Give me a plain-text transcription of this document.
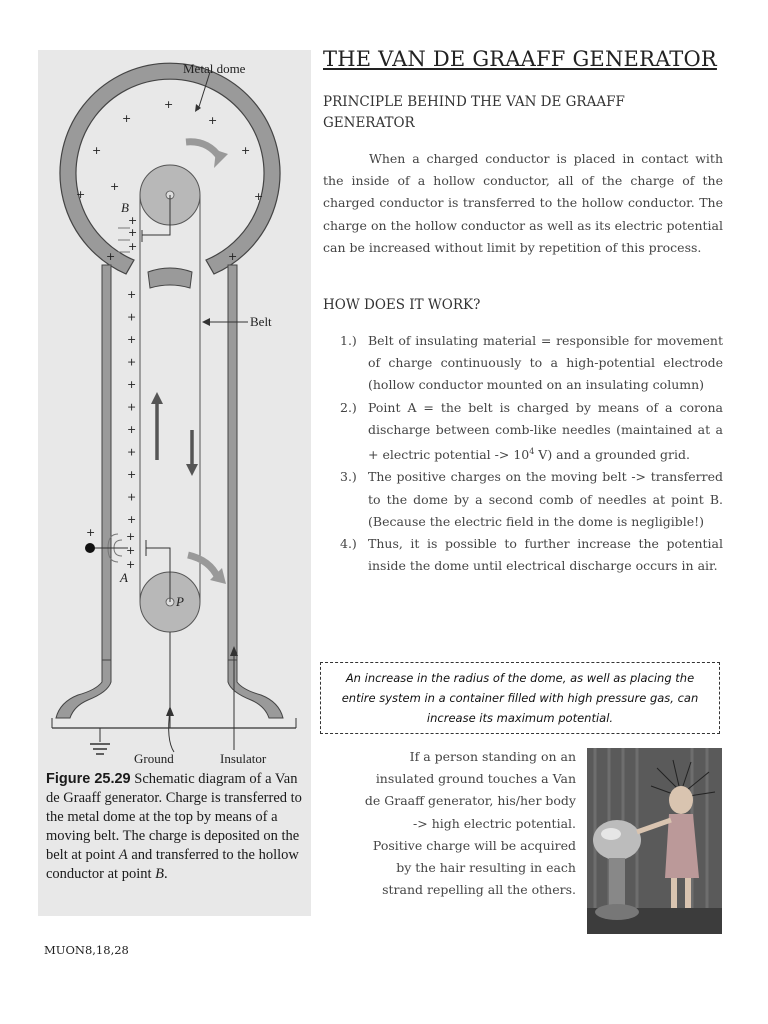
+
+	+
+	+
+	+
+	+
+
+
+
+
+
+
+
+
+
+
+
+
+
+
+
+	+
+
+
Metal dome
Belt
Ground	Insulator
A
B
P
Figure 25.29 Schematic diagram of a Van de Graaff generator. Charge is transferred to the metal dome at the top by means of a moving belt. The charge is deposited on the belt at point A and transferred to the hollow conductor at point B.
THE VAN DE GRAAFF GENERATOR
PRINCIPLE BEHIND THE VAN DE GRAAFF GENERATOR
When a charged conductor is placed in contact with the inside of a hollow conductor, all of the charge of the charged conductor is transferred to the hollow conductor. The charge on the hollow conductor as well as its electric potential can be increased without limit by repetition of this process.
HOW DOES IT WORK?
1.) Belt of insulating material = responsible for movement of charge continuously to a high-potential electrode (hollow conductor mounted on an insulating column)
2.) Point A = the belt is charged by means of a corona discharge between comb-like needles (maintained at a + electric potential -> $10^4$ V) and a grounded grid.
3.) The positive charges on the moving belt -> transferred to the dome by a second comb of needles at point B. (Because the electric field in the dome is negligible!)
4.) Thus, it is possible to further increase the potential inside the dome until electrical discharge occurs in air.
An increase in the radius of the dome, as well as placing the entire system in a container filled with high pressure gas, can increase its maximum potential.
If a person standing on an insulated ground touches a Van de Graaff generator, his/her body -> high electric potential. Positive charge will be acquired by the hair resulting in each strand repelling all the others.
MUON8,18,28
